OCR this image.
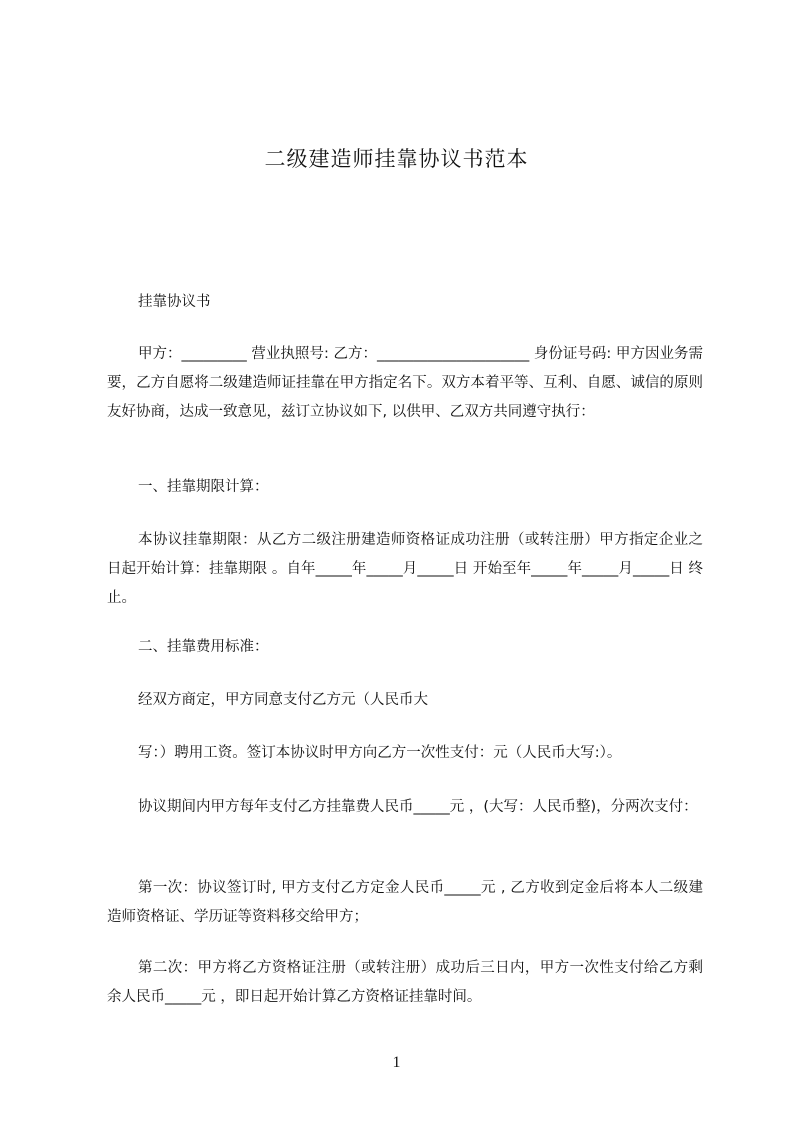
二级建造师挂靠协议书范本
挂靠协议书
甲方：_________ 营业执照号: 乙方：_____________________ 身份证号码: 甲方因业务需要，乙方自愿将二级建造师证挂靠在甲方指定名下。双方本着平等、互利、自愿、诚信的原则友好协商，达成一致意见，兹订立协议如下, 以供甲、乙双方共同遵守执行：
一、挂靠期限计算：
本协议挂靠期限：从乙方二级注册建造师资格证成功注册（或转注册）甲方指定企业之日起开始计算：挂靠期限 。自年_____年_____月_____日 开始至年_____年_____月_____日 终止。
二、挂靠费用标准：
经双方商定，甲方同意支付乙方元（人民币大
写：）聘用工资。签订本协议时甲方向乙方一次性支付：元（人民币大写:）。
协议期间内甲方每年支付乙方挂靠费人民币_____元 ，(大写：人民币整)，分两次支付：
第一次：协议签订时, 甲方支付乙方定金人民币_____元 , 乙方收到定金后将本人二级建造师资格证、学历证等资料移交给甲方；
第二次：甲方将乙方资格证注册（或转注册）成功后三日内，甲方一次性支付给乙方剩余人民币_____元 ，即日起开始计算乙方资格证挂靠时间。
1
